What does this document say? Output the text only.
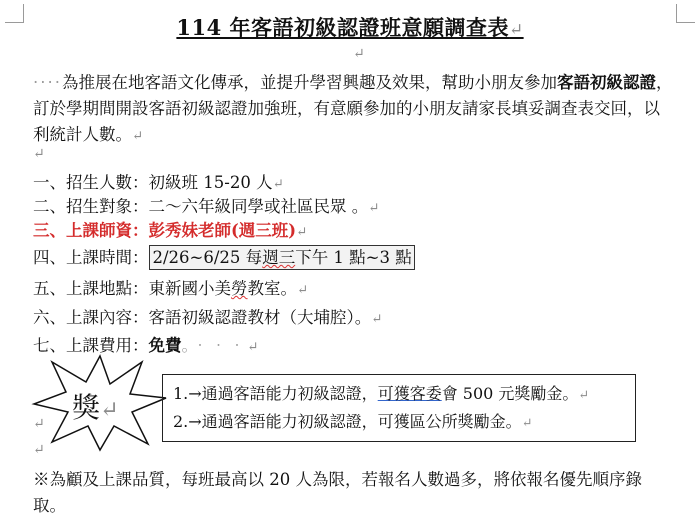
114 年客語初級認證班意願調查表↵
↵

‧‧‧‧為推展在地客語文化傳承，並提升學習興趣及效果，幫助小朋友參加客語初級認證，訂於學期間開設客語初級認證加強班，有意願參加的小朋友請家長填妥調查表交回，以利統計人數。↵

↵
一、招生人數：初級班 15-20 人↵
二、招生對象：二～六年級同學或社區民眾 。↵
三、上課師資：彭秀妹老師(週三班)↵
四、上課時間： 2/26~6/25 每週三下午 1 點~3 點
五、上課地點：東新國小美勞教室。↵
六、上課內容：客語初級認證教材（大埔腔）。↵
七、上課費用：免費。‧‧‧↵
獎↵
1.→通過客語能力初級認證，可獲客委會 500 元獎勵金。↵
2.→通過客語能力初級認證，可獲區公所獎勵金。↵
↵
↵

※為顧及上課品質，每班最高以 20 人為限，若報名人數過多，將依報名優先順序錄取。
